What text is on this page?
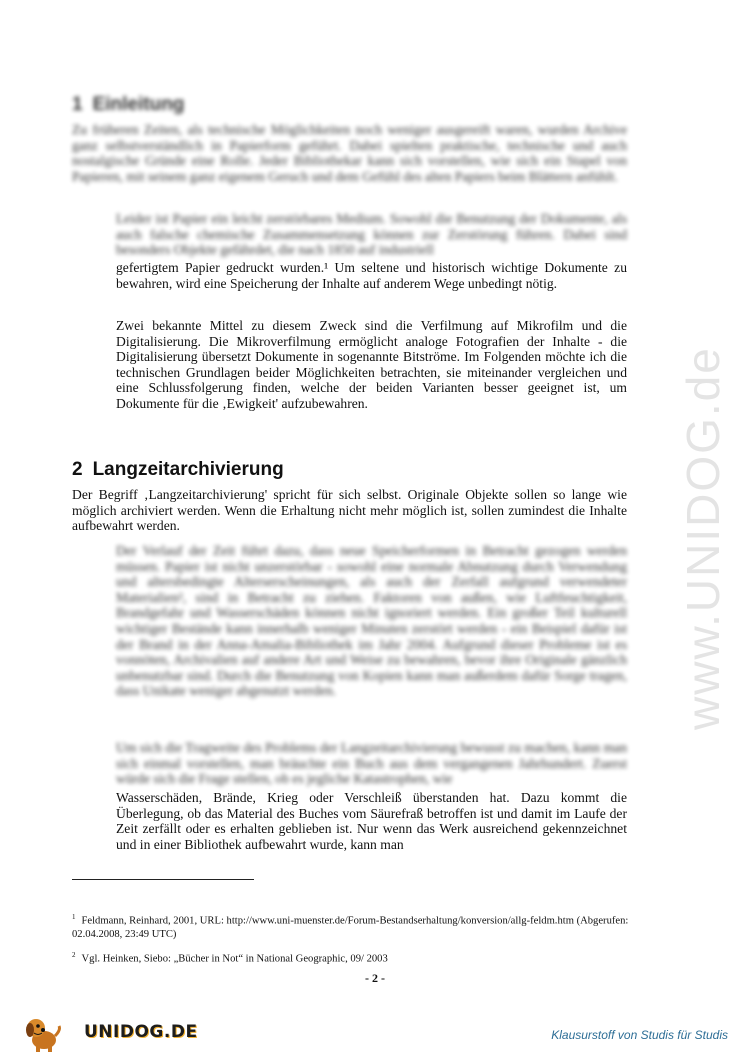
www.UNIDOG.de
1 Einleitung
Zu früheren Zeiten, als technische Möglichkeiten noch weniger ausgereift waren, wurden Archive ganz selbstverständlich in Papierform geführt. Dabei spielten praktische, technische und auch nostalgische Gründe eine Rolle. Jeder Bibliothekar kann sich vorstellen, wie sich ein Stapel von Papieren, mit seinem ganz eigenem Geruch und dem Gefühl des alten Papiers beim Blättern anfühlt.
Leider ist Papier ein leicht zerstörbares Medium. Sowohl die Benutzung der Dokumente, als auch falsche chemische Zusammensetzung können zur Zerstörung führen. Dabei sind besonders Objekte gefährdet, die nach 1850 auf industriell
gefertigtem Papier gedruckt wurden.¹ Um seltene und historisch wichtige Dokumente zu bewahren, wird eine Speicherung der Inhalte auf anderem Wege unbedingt nötig.
Zwei bekannte Mittel zu diesem Zweck sind die Verfilmung auf Mikrofilm und die Digitalisierung. Die Mikroverfilmung ermöglicht analoge Fotografien der Inhalte - die Digitalisierung übersetzt Dokumente in sogenannte Bitströme. Im Folgenden möchte ich die technischen Grundlagen beider Möglichkeiten betrachten, sie miteinander vergleichen und eine Schlussfolgerung finden, welche der beiden Varianten besser geeignet ist, um Dokumente für die ‚Ewigkeit' aufzubewahren.
2 Langzeitarchivierung
Der Begriff ‚Langzeitarchivierung' spricht für sich selbst. Originale Objekte sollen so lange wie möglich archiviert werden. Wenn die Erhaltung nicht mehr möglich ist, sollen zumindest die Inhalte aufbewahrt werden.
Der Verlauf der Zeit führt dazu, dass neue Speicherformen in Betracht gezogen werden müssen. Papier ist nicht unzerstörbar - sowohl eine normale Abnutzung durch Verwendung und altersbedingte Alterserscheinungen, als auch der Zerfall aufgrund verwendeter Materialien², sind in Betracht zu ziehen. Faktoren von außen, wie Luftfeuchtigkeit, Brandgefahr und Wasserschäden können nicht ignoriert werden. Ein großer Teil kulturell wichtiger Bestände kann innerhalb weniger Minuten zerstört werden - ein Beispiel dafür ist der Brand in der Anna-Amalia-Bibliothek im Jahr 2004. Aufgrund dieser Probleme ist es vonnöten, Archivalien auf andere Art und Weise zu bewahren, bevor ihre Originale gänzlich unbenutzbar sind. Durch die Benutzung von Kopien kann man außerdem dafür Sorge tragen, dass Unikate weniger abgenutzt werden.
Um sich die Tragweite des Problems der Langzeitarchivierung bewusst zu machen, kann man sich einmal vorstellen, man bräuchte ein Buch aus dem vergangenen Jahrhundert. Zuerst würde sich die Frage stellen, ob es jegliche Katastrophen, wie
Wasserschäden, Brände, Krieg oder Verschleiß überstanden hat. Dazu kommt die Überlegung, ob das Material des Buches vom Säurefraß betroffen ist und damit im Laufe der Zeit zerfällt oder es erhalten geblieben ist. Nur wenn das Werk ausreichend gekennzeichnet und in einer Bibliothek aufbewahrt wurde, kann man
$^1$ Feldmann, Reinhard, 2001, URL: http://www.uni-muenster.de/Forum-Bestandserhaltung/konversion/allg-feldm.htm (Abgerufen: 02.04.2008, 23:49 UTC)
$^2$ Vgl. Heinken, Siebo: „Bücher in Not“ in National Geographic, 09/ 2003
- 2 -
UNIDOG.DE	Klausurstoff von Studis für Studis
